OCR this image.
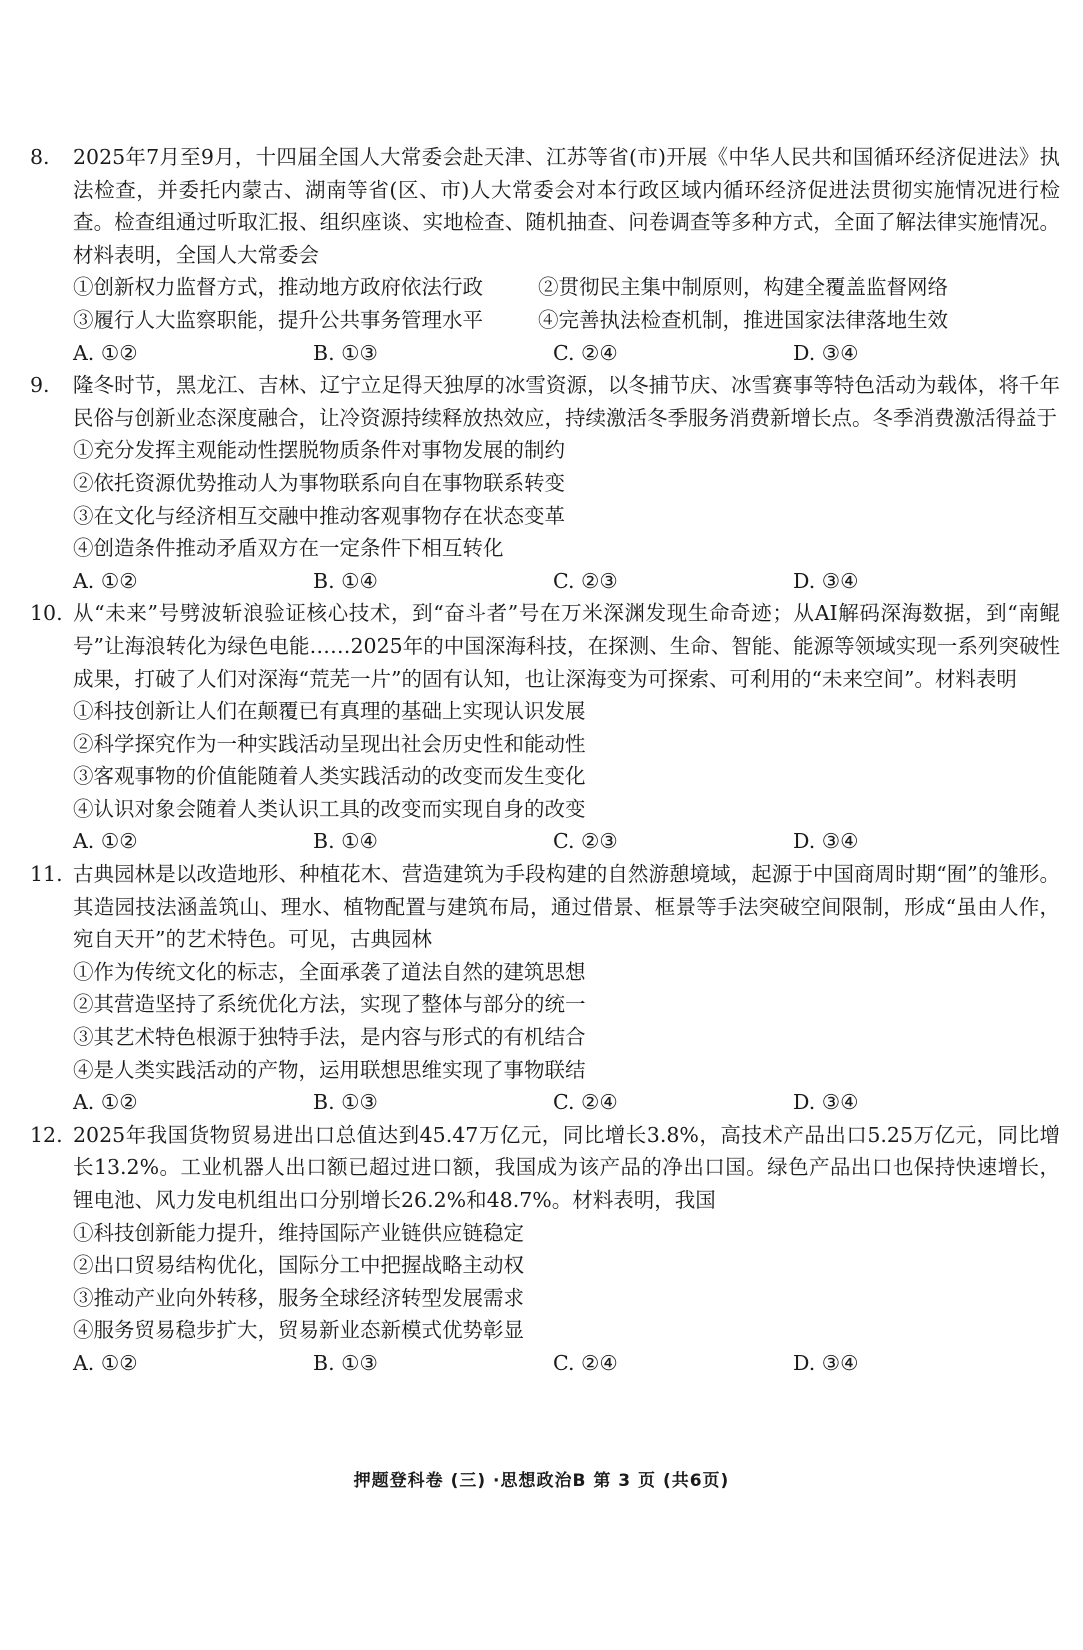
8. 2025年7月至9月，十四届全国人大常委会赴天津、江苏等省(市)开展《中华人民共和国循环经济促进法》执法检查，并委托内蒙古、湖南等省(区、市)人大常委会对本行政区域内循环经济促进法贯彻实施情况进行检查。检查组通过听取汇报、组织座谈、实地检查、随机抽查、问卷调查等多种方式，全面了解法律实施情况。材料表明，全国人大常委会
①创新权力监督方式，推动地方政府依法行政	②贯彻民主集中制原则，构建全覆盖监督网络
③履行人大监察职能，提升公共事务管理水平	④完善执法检查机制，推进国家法律落地生效
A. ①②	B. ①③	C. ②④	D. ③④
9. 隆冬时节，黑龙江、吉林、辽宁立足得天独厚的冰雪资源，以冬捕节庆、冰雪赛事等特色活动为载体，将千年民俗与创新业态深度融合，让冷资源持续释放热效应，持续激活冬季服务消费新增长点。冬季消费激活得益于
①充分发挥主观能动性摆脱物质条件对事物发展的制约
②依托资源优势推动人为事物联系向自在事物联系转变
③在文化与经济相互交融中推动客观事物存在状态变革
④创造条件推动矛盾双方在一定条件下相互转化
A. ①②	B. ①④	C. ②③	D. ③④
10. 从“未来”号劈波斩浪验证核心技术，到“奋斗者”号在万米深渊发现生命奇迹；从AI解码深海数据，到“南鲲号”让海浪转化为绿色电能……2025年的中国深海科技，在探测、生命、智能、能源等领域实现一系列突破性成果，打破了人们对深海“荒芜一片”的固有认知，也让深海变为可探索、可利用的“未来空间”。材料表明
①科技创新让人们在颠覆已有真理的基础上实现认识发展
②科学探究作为一种实践活动呈现出社会历史性和能动性
③客观事物的价值能随着人类实践活动的改变而发生变化
④认识对象会随着人类认识工具的改变而实现自身的改变
A. ①②	B. ①④	C. ②③	D. ③④
11. 古典园林是以改造地形、种植花木、营造建筑为手段构建的自然游憩境域，起源于中国商周时期“囿”的雏形。其造园技法涵盖筑山、理水、植物配置与建筑布局，通过借景、框景等手法突破空间限制，形成“虽由人作，宛自天开”的艺术特色。可见，古典园林
①作为传统文化的标志，全面承袭了道法自然的建筑思想
②其营造坚持了系统优化方法，实现了整体与部分的统一
③其艺术特色根源于独特手法，是内容与形式的有机结合
④是人类实践活动的产物，运用联想思维实现了事物联结
A. ①②	B. ①③	C. ②④	D. ③④
12. 2025年我国货物贸易进出口总值达到45.47万亿元，同比增长3.8%，高技术产品出口5.25万亿元，同比增长13.2%。工业机器人出口额已超过进口额，我国成为该产品的净出口国。绿色产品出口也保持快速增长，锂电池、风力发电机组出口分别增长26.2%和48.7%。材料表明，我国
①科技创新能力提升，维持国际产业链供应链稳定
②出口贸易结构优化，国际分工中把握战略主动权
③推动产业向外转移，服务全球经济转型发展需求
④服务贸易稳步扩大，贸易新业态新模式优势彰显
A. ①②	B. ①③	C. ②④	D. ③④
押题登科卷 (三) ·思想政治B 第 3 页 (共6页)
